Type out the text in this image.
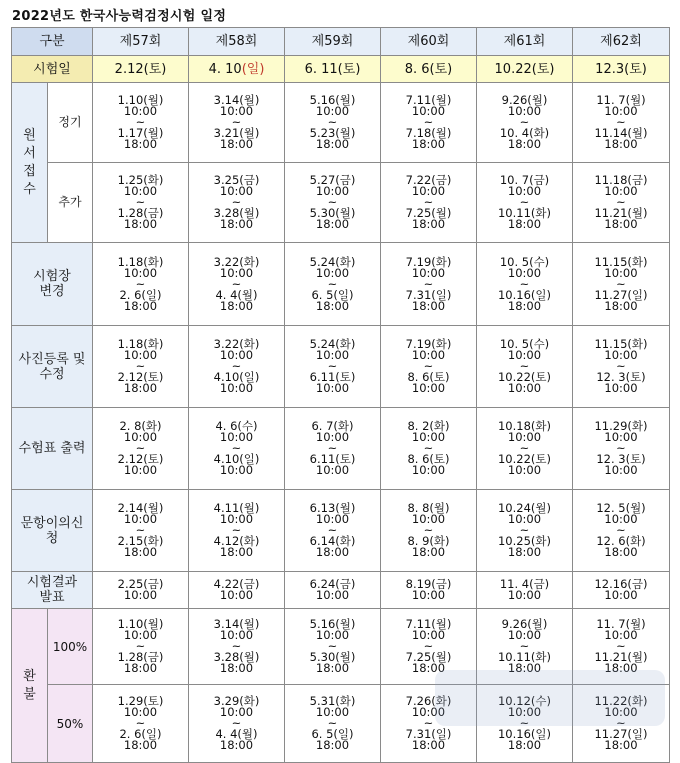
2022년도 한국사능력검정시험 일정
구분		제57회	제58회	제59회	제60회	제61회	제62회
시험일		2.12(토)	4. 10(일)	6. 11(토)	8. 6(토)	10.22(토)	12.3(토)

원
서
접
수	정기	1.10(월)
10:00
~
1.17(월)
18:00	3.14(월)
10:00
~
3.21(월)
18:00	5.16(월)
10:00
~
5.23(월)
18:00	7.11(월)
10:00
~
7.18(월)
18:00	9.26(월)
10:00
~
10. 4(화)
18:00	11. 7(월)
10:00
~
11.14(월)
18:00

	추가	1.25(화)
10:00
~
1.28(금)
18:00	3.25(금)
10:00
~
3.28(월)
18:00	5.27(금)
10:00
~
5.30(월)
18:00	7.22(금)
10:00
~
7.25(월)
18:00	10. 7(금)
10:00
~
10.11(화)
18:00	11.18(금)
10:00
~
11.21(월)
18:00

시험장
변경		1.18(화)
10:00
~
2. 6(일)
18:00	3.22(화)
10:00
~
4. 4(월)
18:00	5.24(화)
10:00
~
6. 5(일)
18:00	7.19(화)
10:00
~
7.31(일)
18:00	10. 5(수)
10:00
~
10.16(일)
18:00	11.15(화)
10:00
~
11.27(일)
18:00

사진등록 및
수정		1.18(화)
10:00
~
2.12(토)
18:00	3.22(화)
10:00
~
4.10(일)
10:00	5.24(화)
10:00
~
6.11(토)
10:00	7.19(화)
10:00
~
8. 6(토)
10:00	10. 5(수)
10:00
~
10.22(토)
10:00	11.15(화)
10:00
~
12. 3(토)
10:00

수험표 출력		2. 8(화)
10:00
~
2.12(토)
10:00	4. 6(수)
10:00
~
4.10(일)
10:00	6. 7(화)
10:00
~
6.11(토)
10:00	8. 2(화)
10:00
~
8. 6(토)
10:00	10.18(화)
10:00
~
10.22(토)
10:00	11.29(화)
10:00
~
12. 3(토)
10:00

문항이의신
청		2.14(월)
10:00
~
2.15(화)
18:00	4.11(월)
10:00
~
4.12(화)
18:00	6.13(월)
10:00
~
6.14(화)
18:00	8. 8(월)
10:00
~
8. 9(화)
18:00	10.24(월)
10:00
~
10.25(화)
18:00	12. 5(월)
10:00
~
12. 6(화)
18:00

시험결과
발표		2.25(금)
10:00	4.22(금)
10:00	6.24(금)
10:00	8.19(금)
10:00	11. 4(금)
10:00	12.16(금)
10:00

환
불	100%	1.10(월)
10:00
~
1.28(금)
18:00	3.14(월)
10:00
~
3.28(월)
18:00	5.16(월)
10:00
~
5.30(월)
18:00	7.11(월)
10:00
~
7.25(월)
18:00	9.26(월)
10:00
~
10.11(화)
18:00	11. 7(월)
10:00
~
11.21(월)
18:00

	50%	1.29(토)
10:00
~
2. 6(일)
18:00	3.29(화)
10:00
~
4. 4(월)
18:00	5.31(화)
10:00
~
6. 5(일)
18:00	7.26(화)
10:00
~
7.31(일)
18:00	10.12(수)
10:00
~
10.16(일)
18:00	11.22(화)
10:00
~
11.27(일)
18:00
